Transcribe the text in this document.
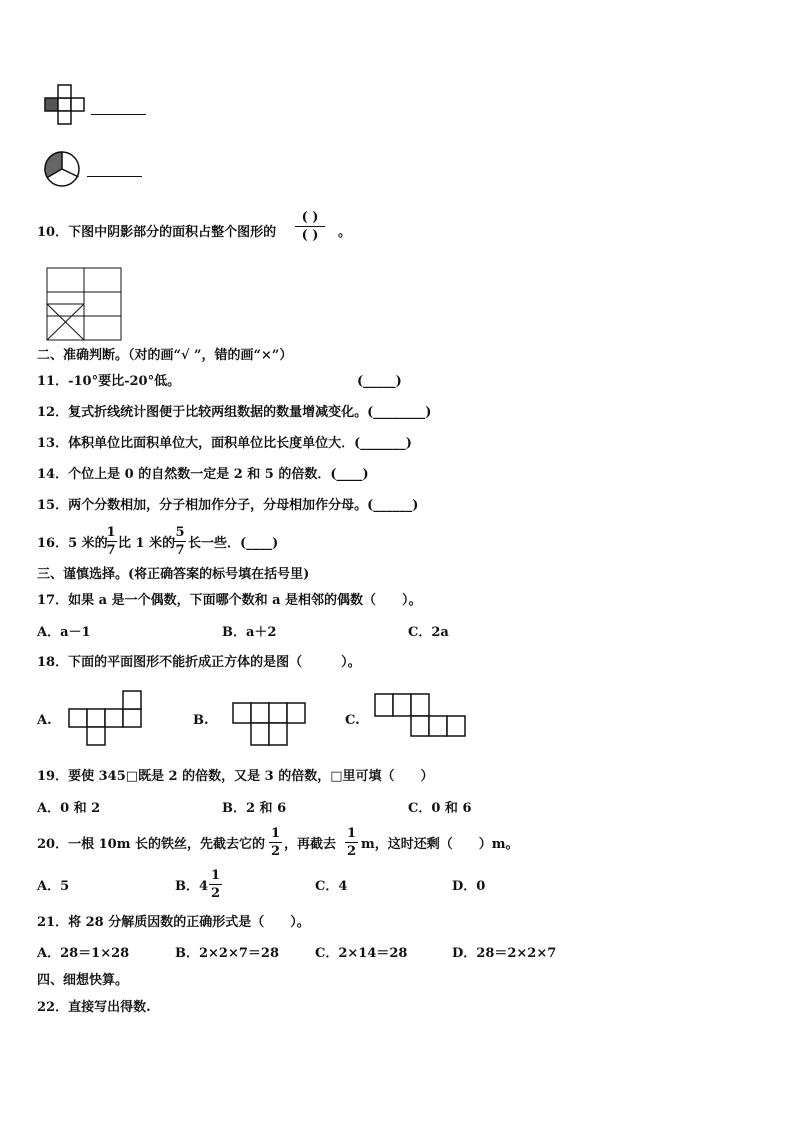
10．下图中阴影部分的面积占整个图形的
( )
( )	。
二、准确判断。（对的画“√ ”，错的画“×”）
11．-10°要比-20°低。	(_____)
12．复式折线统计图便于比较两组数据的数量增减变化。(________)
13．体积单位比面积单位大，面积单位比长度单位大．(_______)
14．个位上是 0 的自然数一定是 2 和 5 的倍数．(____)
15．两个分数相加，分子相加作分子，分母相加作分母。(______)
16．5 米的
1
7 比 1 米的
5
7 长一些．(____)
三、谨慎选择。(将正确答案的标号填在括号里)
17．如果 a 是一个偶数，下面哪个数和 a 是相邻的偶数（　　）。
A．a－1	B．a＋2	C．2a
18．下面的平面图形不能折成正方体的是图（　　　）。
A.	B.	C.
19．要使 345□既是 2 的倍数，又是 3 的倍数，□里可填（　　）
A．0 和 2	B．2 和 6	C．0 和 6
20．一根 10m 长的铁丝，先截去它的
1
2 ，再截去
1
2 m，这时还剩（　　）m。
A．5	B．4
1
2	C．4	D．0
21．将 28 分解质因数的正确形式是（　　）。
A．28＝1×28	B．2×2×7＝28	C．2×14＝28	D．28＝2×2×7
四、细想快算。
22．直接写出得数.
